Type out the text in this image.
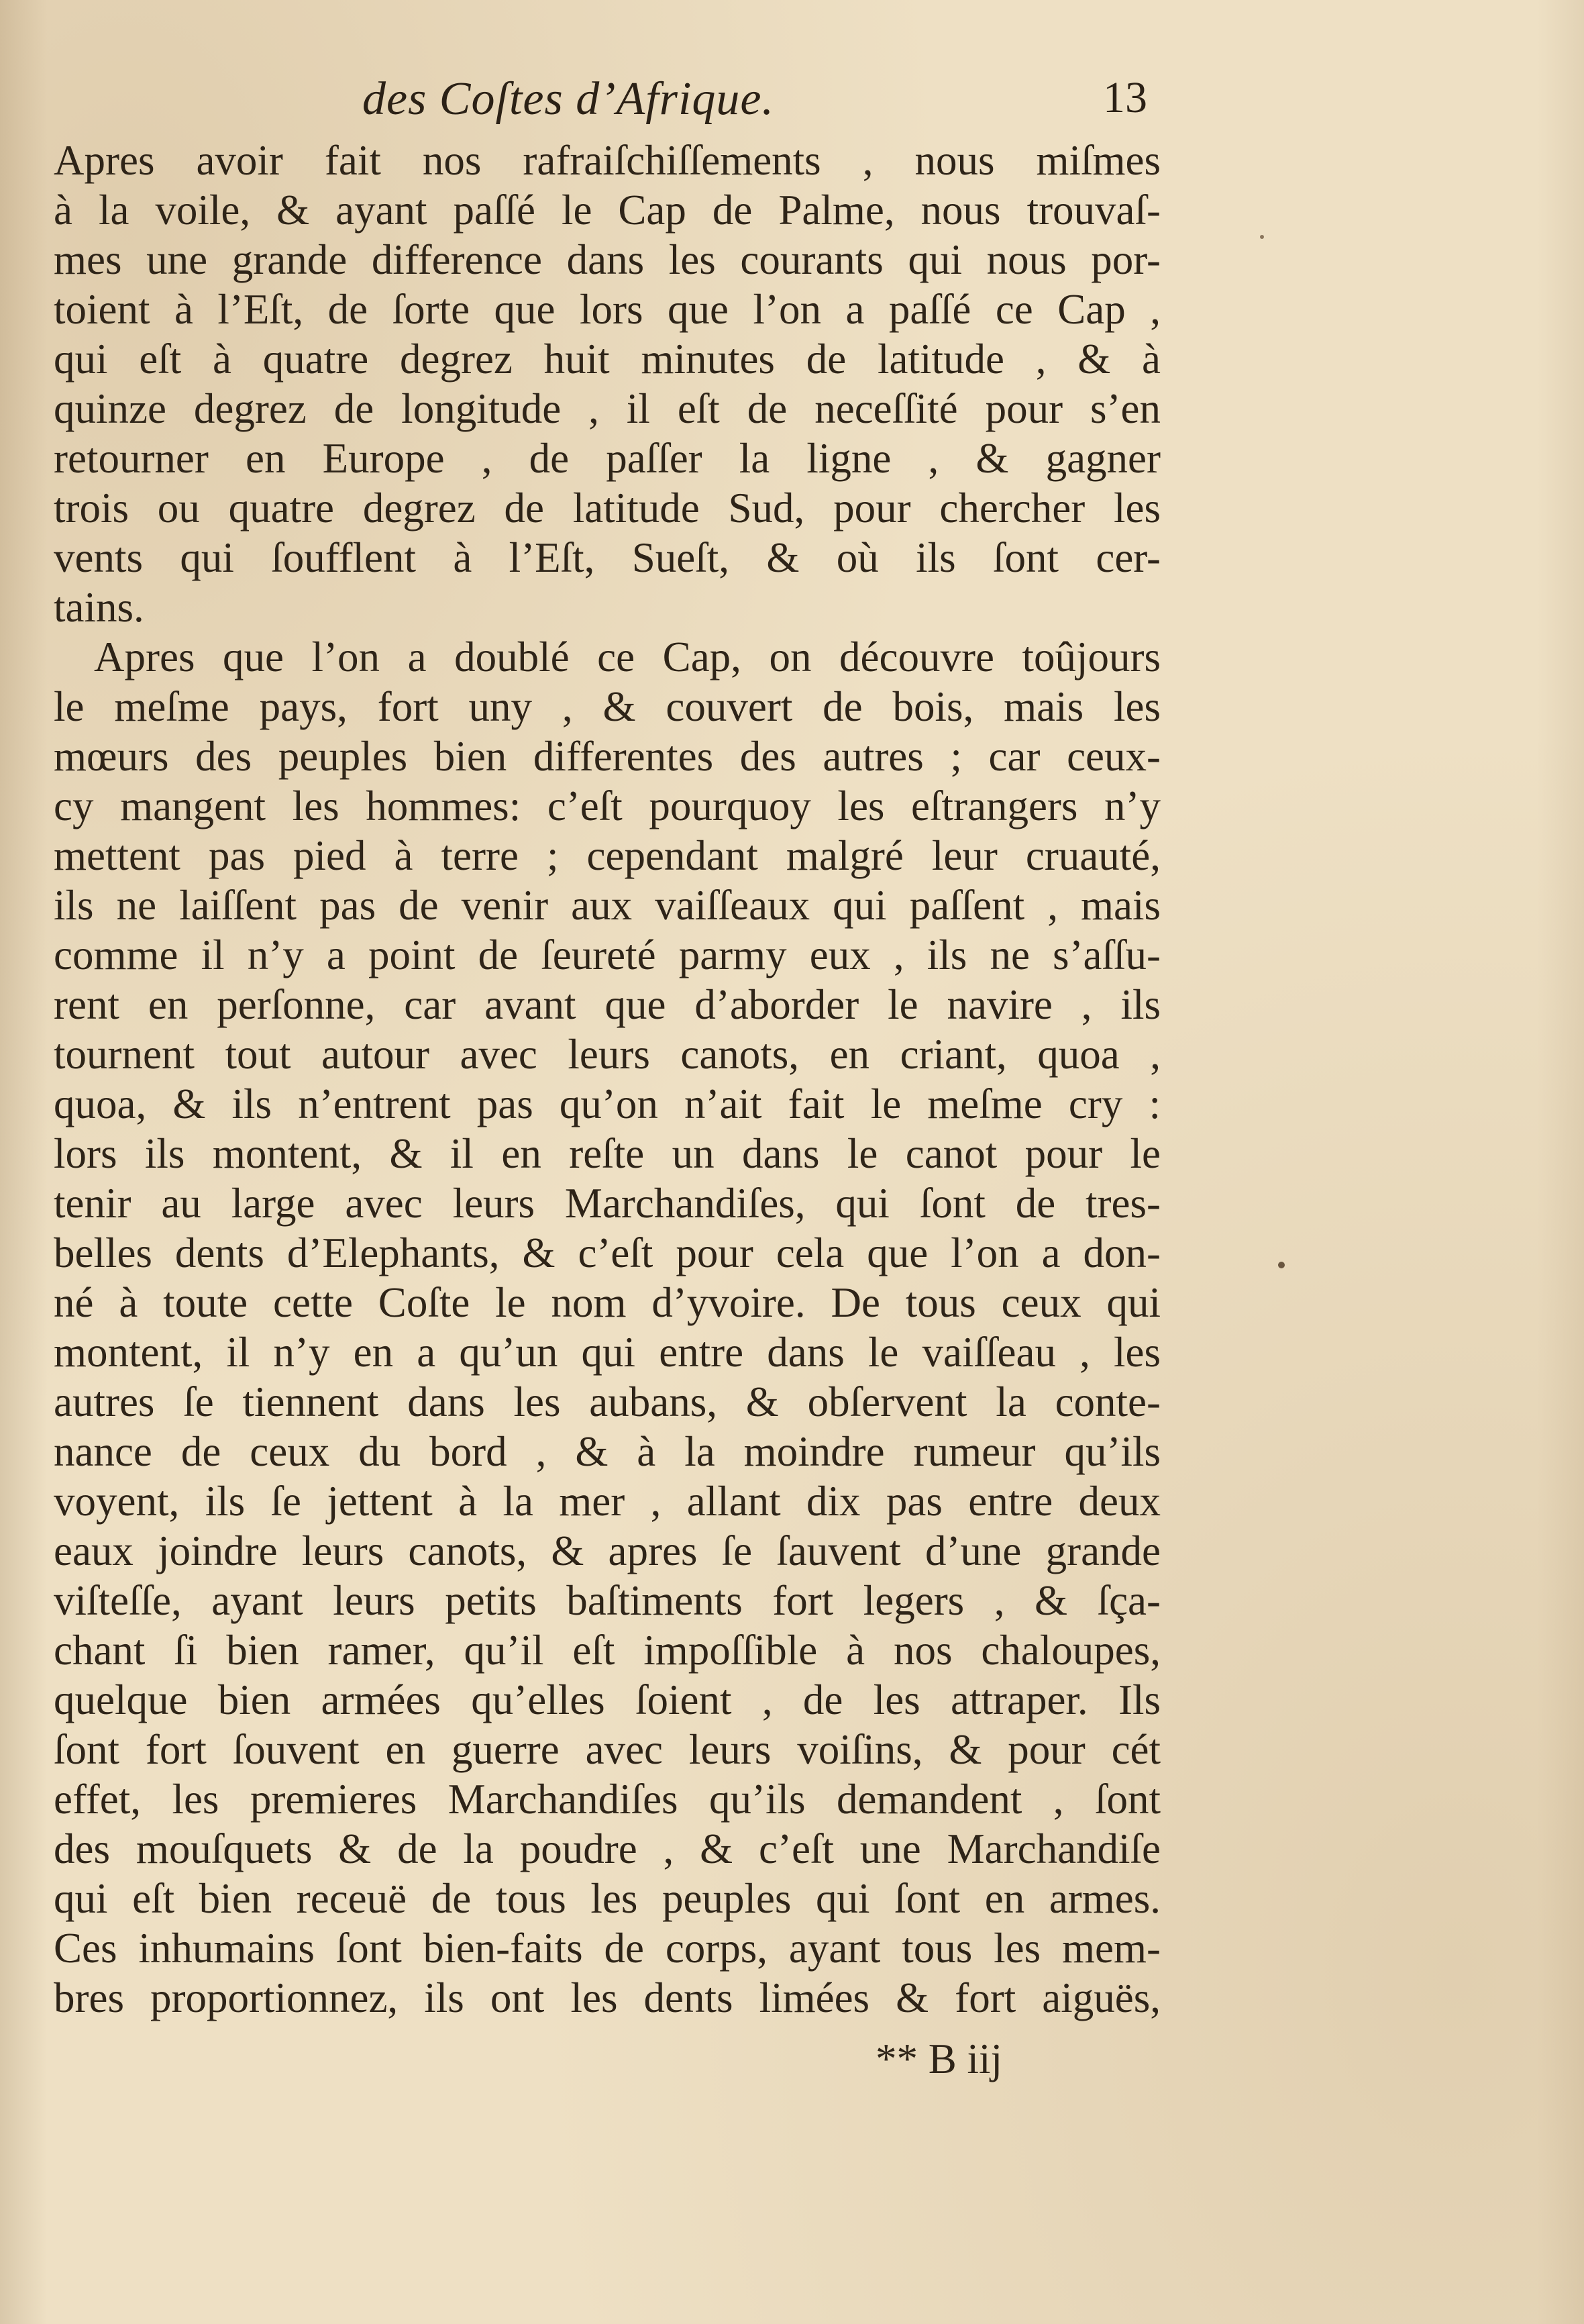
des Coſtes d’Afrique.	13
Apres avoir fait nos rafraiſchiſſements , nous miſmes
à la voile, & ayant paſſé le Cap de Palme, nous trouvaſ-
mes une grande difference dans les courants qui nous por-
toient à l’Eſt, de ſorte que lors que l’on a paſſé ce Cap ,
qui eſt à quatre degrez huit minutes de latitude , & à
quinze degrez de longitude , il eſt de neceſſité pour s’en
retourner en Europe , de paſſer la ligne , & gagner
trois ou quatre degrez de latitude Sud, pour chercher les
vents qui ſoufflent à l’Eſt, Sueſt, & où ils ſont cer-
tains.
Apres que l’on a doublé ce Cap, on découvre toûjours
le meſme pays, fort uny , & couvert de bois, mais les
mœurs des peuples bien differentes des autres ; car ceux-
cy mangent les hommes: c’eſt pourquoy les eſtrangers n’y
mettent pas pied à terre ; cependant malgré leur cruauté,
ils ne laiſſent pas de venir aux vaiſſeaux qui paſſent , mais
comme il n’y a point de ſeureté parmy eux , ils ne s’aſſu-
rent en perſonne, car avant que d’aborder le navire , ils
tournent tout autour avec leurs canots, en criant, quoa ,
quoa, & ils n’entrent pas qu’on n’ait fait le meſme cry :
lors ils montent, & il en reſte un dans le canot pour le
tenir au large avec leurs Marchandiſes, qui ſont de tres-
belles dents d’Elephants, & c’eſt pour cela que l’on a don-
né à toute cette Coſte le nom d’yvoire. De tous ceux qui
montent, il n’y en a qu’un qui entre dans le vaiſſeau , les
autres ſe tiennent dans les aubans, & obſervent la conte-
nance de ceux du bord , & à la moindre rumeur qu’ils
voyent, ils ſe jettent à la mer , allant dix pas entre deux
eaux joindre leurs canots, & apres ſe ſauvent d’une grande
viſteſſe, ayant leurs petits baſtiments fort legers , & ſça-
chant ſi bien ramer, qu’il eſt impoſſible à nos chaloupes,
quelque bien armées qu’elles ſoient , de les attraper. Ils
ſont fort ſouvent en guerre avec leurs voiſins, & pour cét
effet, les premieres Marchandiſes qu’ils demandent , ſont
des mouſquets & de la poudre , & c’eſt une Marchandiſe
qui eſt bien receuë de tous les peuples qui ſont en armes.
Ces inhumains ſont bien-faits de corps, ayant tous les mem-
bres proportionnez, ils ont les dents limées & fort aiguës,
** B iij
